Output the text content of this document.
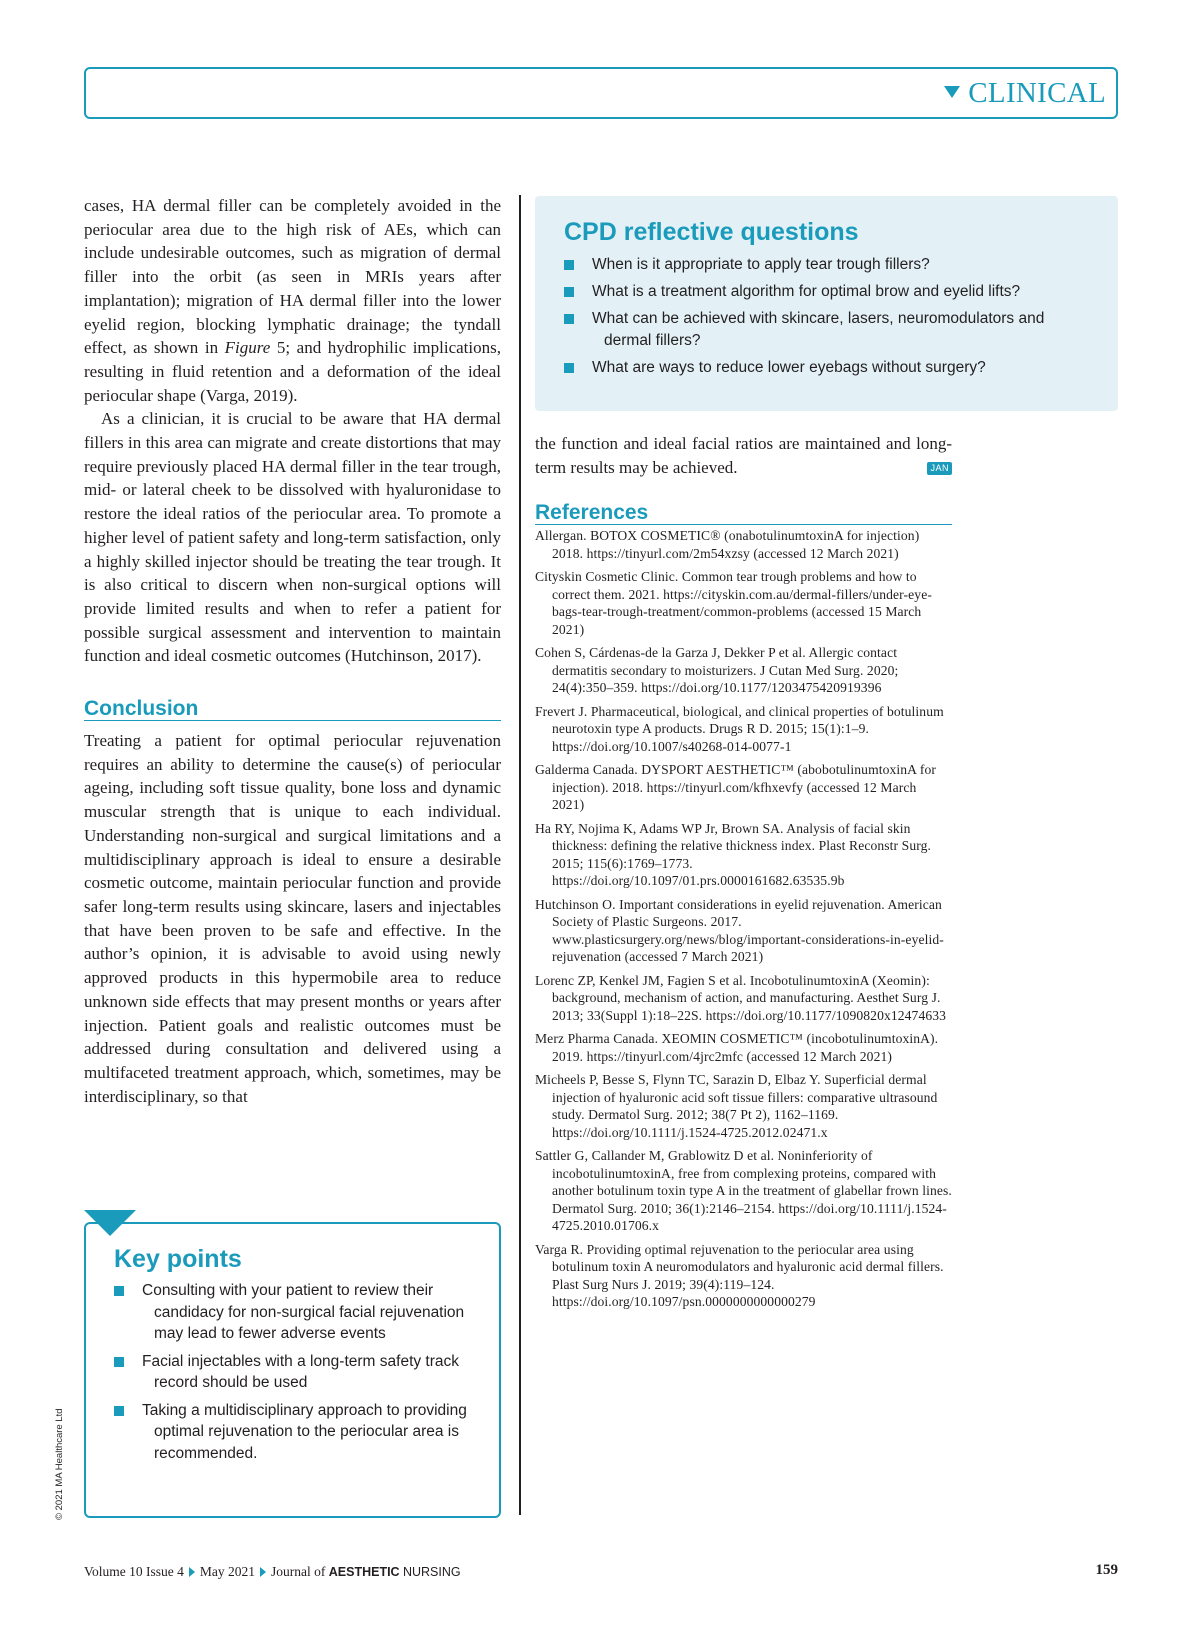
CLINICAL

cases, HA dermal filler can be completely avoided in the periocular area due to the high risk of AEs, which can include undesirable outcomes, such as migration of dermal filler into the orbit (as seen in MRIs years after implantation); migration of HA dermal filler into the lower eyelid region, blocking lymphatic drainage; the tyndall effect, as shown in Figure 5; and hydrophilic implications, resulting in fluid retention and a deformation of the ideal periocular shape (Varga, 2019).

As a clinician, it is crucial to be aware that HA dermal fillers in this area can migrate and create distortions that may require previously placed HA dermal filler in the tear trough, mid- or lateral cheek to be dissolved with hyaluronidase to restore the ideal ratios of the periocular area. To promote a higher level of patient safety and long-term satisfaction, only a highly skilled injector should be treating the tear trough. It is also critical to discern when non-surgical options will provide limited results and when to refer a patient for possible surgical assessment and intervention to maintain function and ideal cosmetic outcomes (Hutchinson, 2017).

Conclusion

Treating a patient for optimal periocular rejuvenation requires an ability to determine the cause(s) of periocular ageing, including soft tissue quality, bone loss and dynamic muscular strength that is unique to each individual. Understanding non-surgical and surgical limitations and a multidisciplinary approach is ideal to ensure a desirable cosmetic outcome, maintain periocular function and provide safer long-term results using skincare, lasers and injectables that have been proven to be safe and effective. In the author’s opinion, it is advisable to avoid using newly approved products in this hypermobile area to reduce unknown side effects that may present months or years after injection. Patient goals and realistic outcomes must be addressed during consultation and delivered using a multifaceted treatment approach, which, sometimes, may be interdisciplinary, so that

Key points
Consulting with your patient to review their candidacy for non-surgical facial rejuvenation may lead to fewer adverse events
Facial injectables with a long-term safety track record should be used
Taking a multidisciplinary approach to providing optimal rejuvenation to the periocular area is recommended.
CPD reflective questions
When is it appropriate to apply tear trough fillers?
What is a treatment algorithm for optimal brow and eyelid lifts?
What can be achieved with skincare, lasers, neuromodulators and dermal fillers?
What are ways to reduce lower eyebags without surgery?

the function and ideal facial ratios are maintained and long-term results may be achieved.	JAN

References
Allergan. BOTOX COSMETIC® (onabotulinumtoxinA for injection) 2018. https://tinyurl.com/2m54xzsy (accessed 12 March 2021)
Cityskin Cosmetic Clinic. Common tear trough problems and how to correct them. 2021. https://cityskin.com.au/dermal-fillers/under-eye-bags-tear-trough-treatment/common-problems (accessed 15 March 2021)
Cohen S, Cárdenas-de la Garza J, Dekker P et al. Allergic contact dermatitis secondary to moisturizers. J Cutan Med Surg. 2020; 24(4):350–359. https://doi.org/10.1177/1203475420919396
Frevert J. Pharmaceutical, biological, and clinical properties of botulinum neurotoxin type A products. Drugs R D. 2015; 15(1):1–9. https://doi.org/10.1007/s40268-014-0077-1
Galderma Canada. DYSPORT AESTHETIC™ (abobotulinumtoxinA for injection). 2018. https://tinyurl.com/kfhxevfy (accessed 12 March 2021)
Ha RY, Nojima K, Adams WP Jr, Brown SA. Analysis of facial skin thickness: defining the relative thickness index. Plast Reconstr Surg. 2015; 115(6):1769–1773. https://doi.org/10.1097/01.prs.0000161682.63535.9b
Hutchinson O. Important considerations in eyelid rejuvenation. American Society of Plastic Surgeons. 2017. www.plasticsurgery.org/news/blog/important-considerations-in-eyelid-rejuvenation (accessed 7 March 2021)
Lorenc ZP, Kenkel JM, Fagien S et al. IncobotulinumtoxinA (Xeomin): background, mechanism of action, and manufacturing. Aesthet Surg J. 2013; 33(Suppl 1):18–22S. https://doi.org/10.1177/1090820x12474633
Merz Pharma Canada. XEOMIN COSMETIC™ (incobotulinumtoxinA). 2019. https://tinyurl.com/4jrc2mfc (accessed 12 March 2021)
Micheels P, Besse S, Flynn TC, Sarazin D, Elbaz Y. Superficial dermal injection of hyaluronic acid soft tissue fillers: comparative ultrasound study. Dermatol Surg. 2012; 38(7 Pt 2), 1162–1169. https://doi.org/10.1111/j.1524-4725.2012.02471.x
Sattler G, Callander M, Grablowitz D et al. Noninferiority of incobotulinumtoxinA, free from complexing proteins, compared with another botulinum toxin type A in the treatment of glabellar frown lines. Dermatol Surg. 2010; 36(1):2146–2154. https://doi.org/10.1111/j.1524-4725.2010.01706.x
Varga R. Providing optimal rejuvenation to the periocular area using botulinum toxin A neuromodulators and hyaluronic acid dermal fillers. Plast Surg Nurs J. 2019; 39(4):119–124. https://doi.org/10.1097/psn.0000000000000279
© 2021 MA Healthcare Ltd
Volume 10 Issue 4 May 2021 Journal of AESTHETIC NURSING	159
